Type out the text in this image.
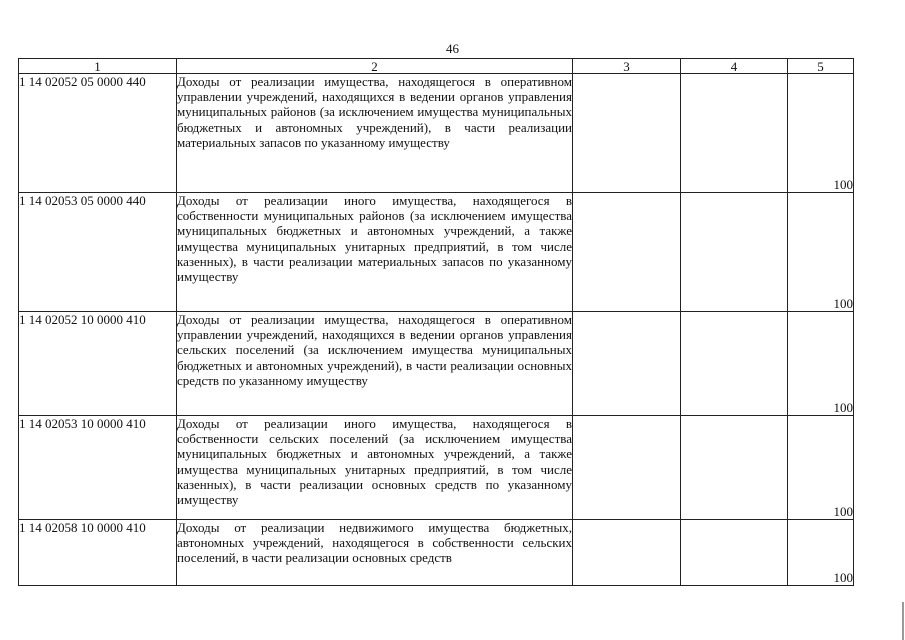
46
1	2	3	4	5
1 14 02052 05 0000 440	Доходы от реализации имущества, находящегося в оперативном управлении учреждений, находящихся в ведении органов управления муниципальных районов (за исключением имущества муниципальных бюджетных и автономных учреждений), в части реализации материальных запасов по указанному имуществу			100
1 14 02053 05 0000 440	Доходы от реализации иного имущества, находящегося в собственности муниципальных районов (за исключением имущества муниципальных бюджетных и автономных учреждений, а также имущества муниципальных унитарных предприятий, в том числе казенных), в части реализации материальных запасов по указанному имуществу			100
1 14 02052 10 0000 410	Доходы от реализации имущества, находящегося в оперативном управлении учреждений, находящихся в ведении органов управления сельских поселений (за исключением имущества муниципальных бюджетных и автономных учреждений), в части реализации основных средств по указанному имуществу			100
1 14 02053 10 0000 410	Доходы от реализации иного имущества, находящегося в собственности сельских поселений (за исключением имущества муниципальных бюджетных и автономных учреждений, а также имущества муниципальных унитарных предприятий, в том числе казенных), в части реализации основных средств по указанному имуществу			100
1 14 02058 10 0000 410	Доходы от реализации недвижимого имущества бюджетных, автономных учреждений, находящегося в собственности сельских поселений, в части реализации основных средств			100
